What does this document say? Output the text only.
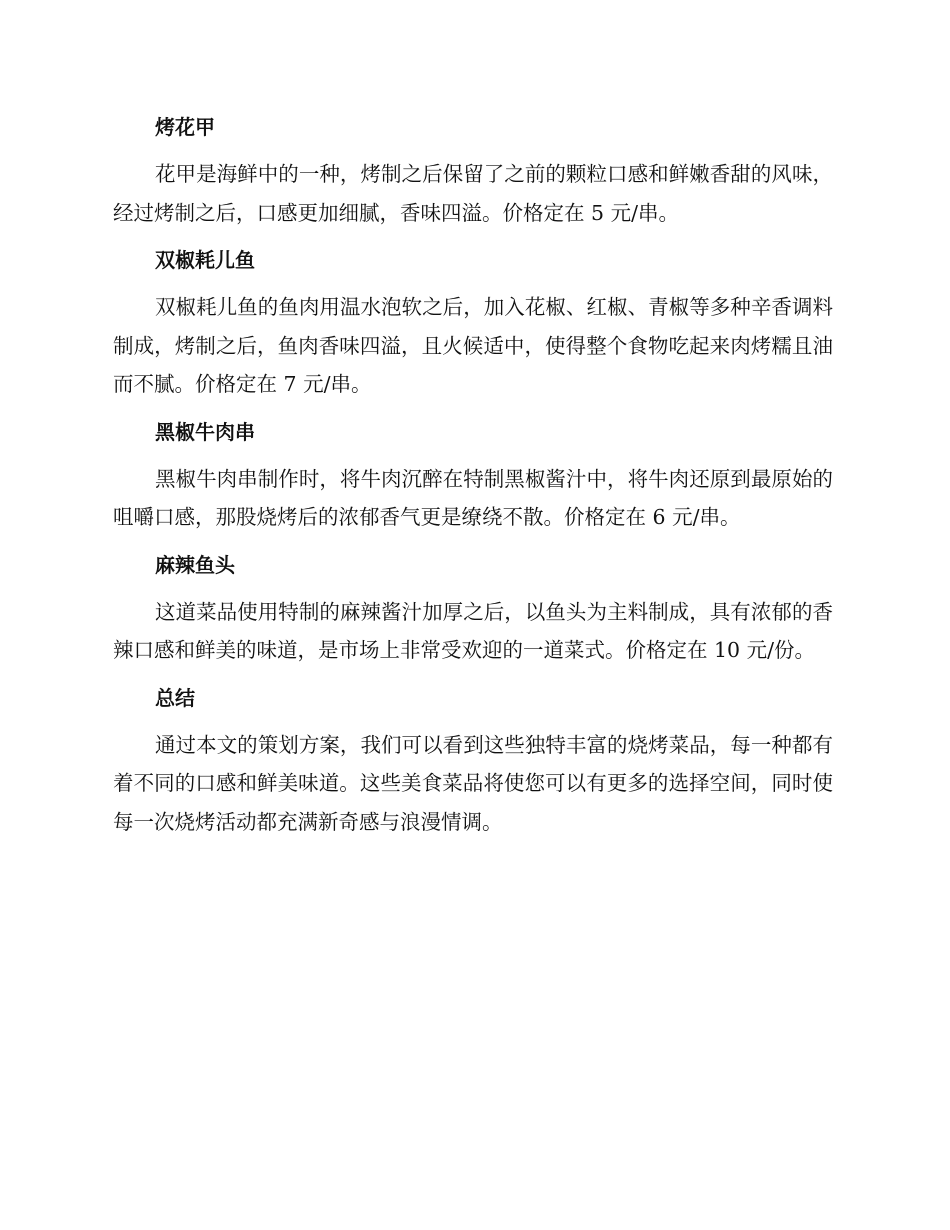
烤花甲

花甲是海鲜中的一种，烤制之后保留了之前的颗粒口感和鲜嫩香甜的风味，经过烤制之后，口感更加细腻，香味四溢。价格定在 5 元/串。

双椒耗儿鱼

双椒耗儿鱼的鱼肉用温水泡软之后，加入花椒、红椒、青椒等多种辛香调料制成，烤制之后，鱼肉香味四溢，且火候适中，使得整个食物吃起来肉烤糯且油而不腻。价格定在 7 元/串。

黑椒牛肉串

黑椒牛肉串制作时，将牛肉沉醉在特制黑椒酱汁中，将牛肉还原到最原始的咀嚼口感，那股烧烤后的浓郁香气更是缭绕不散。价格定在 6 元/串。

麻辣鱼头

这道菜品使用特制的麻辣酱汁加厚之后，以鱼头为主料制成，具有浓郁的香辣口感和鲜美的味道，是市场上非常受欢迎的一道菜式。价格定在 10 元/份。

总结

通过本文的策划方案，我们可以看到这些独特丰富的烧烤菜品，每一种都有着不同的口感和鲜美味道。这些美食菜品将使您可以有更多的选择空间，同时使每一次烧烤活动都充满新奇感与浪漫情调。
